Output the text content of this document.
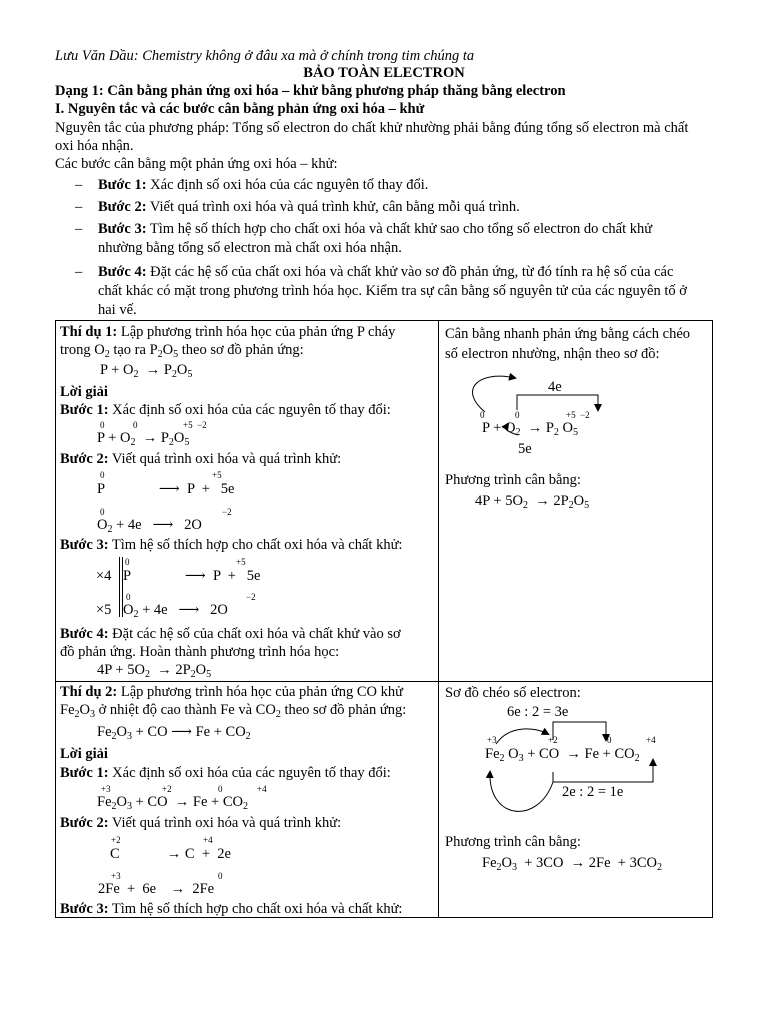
Lưu Văn Dầu: Chemistry không ở đâu xa mà ở chính trong tim chúng ta
BẢO TOÀN ELECTRON
Dạng 1: Cân bằng phản ứng oxi hóa – khử bằng phương pháp thăng bằng electron
I. Nguyên tắc và các bước cân bằng phản ứng oxi hóa – khử
Nguyên tắc của phương pháp: Tổng số electron do chất khử nhường phải bằng đúng tổng số electron mà chất
oxi hóa nhận.
Các bước cân bằng một phản ứng oxi hóa – khử:
– Bước 1: Xác định số oxi hóa của các nguyên tố thay đổi.
– Bước 2: Viết quá trình oxi hóa và quá trình khử, cân bằng mỗi quá trình.
– Bước 3: Tìm hệ số thích hợp cho chất oxi hóa và chất khử sao cho tổng số electron do chất khử
nhường bằng tổng số electron mà chất oxi hóa nhận.
– Bước 4: Đặt các hệ số của chất oxi hóa và chất khử vào sơ đồ phản ứng, từ đó tính ra hệ số của các
chất khác có mặt trong phương trình hóa học. Kiểm tra sự cân bằng số nguyên tử của các nguyên tố ở
hai vế.
Thí dụ 1: Lập phương trình hóa học của phản ứng P cháy
trong $O_2$ tạo ra $P_2O_5$ theo sơ đồ phản ứng:
$P + O_2 \to P_2O_5$
Lời giải
Bước 1: Xác định số oxi hóa của các nguyên tố thay đổi:
0	0	+5  −2
$P + O_2 \to P_2O_5$
Bước 2: Viết quá trình oxi hóa và quá trình khử:
0	+5
P               ⟶  P  +   5e
0	−2
$O_2 + 4e$   ⟶   2O
Bước 3: Tìm hệ số thích hợp cho chất oxi hóa và chất khử:
×4
0	+5
P               ⟶  P  +   5e
×5
0	−2
$O_2 + 4e$   ⟶   2O
Bước 4: Đặt các hệ số của chất oxi hóa và chất khử vào sơ
đồ phản ứng. Hoàn thành phương trình hóa học:
$4P + 5O_2 \to 2P_2O_5$
Cân bằng nhanh phản ứng bằng cách chéo
số electron nhường, nhận theo sơ đồ:
4e
0	0	+5  −2
$P + O_2 \to P_2$ $O_5$
5e
Phương trình cân bằng:
$4P + 5O_2 \to 2P_2O_5$
Thí dụ 2: Lập phương trình hóa học của phản ứng CO khử
$Fe_2O_3$ ở nhiệt độ cao thành Fe và $CO_2$ theo sơ đồ phản ứng:
$Fe_2O_3$ + CO ⟶ $Fe + CO_2$
Lời giải
Bước 1: Xác định số oxi hóa của các nguyên tố thay đổi:
+3	+2	0	+4
$Fe_2O_3$ + CO  → $Fe + CO_2$
Bước 2: Viết quá trình oxi hóa và quá trình khử:
+2	+4
C             → C  +  2e
+3	0
2Fe  +  6e    →  2Fe
Bước 3: Tìm hệ số thích hợp cho chất oxi hóa và chất khử:
Sơ đồ chéo số electron:
6e : 2 = 3e
+3	+2	0	+4
$Fe_2$ $O_3$ + CO  → $Fe + CO_2$
2e : 2 = 1e
Phương trình cân bằng:
$Fe_2O_3 + 3CO \to 2Fe + 3CO_2$
